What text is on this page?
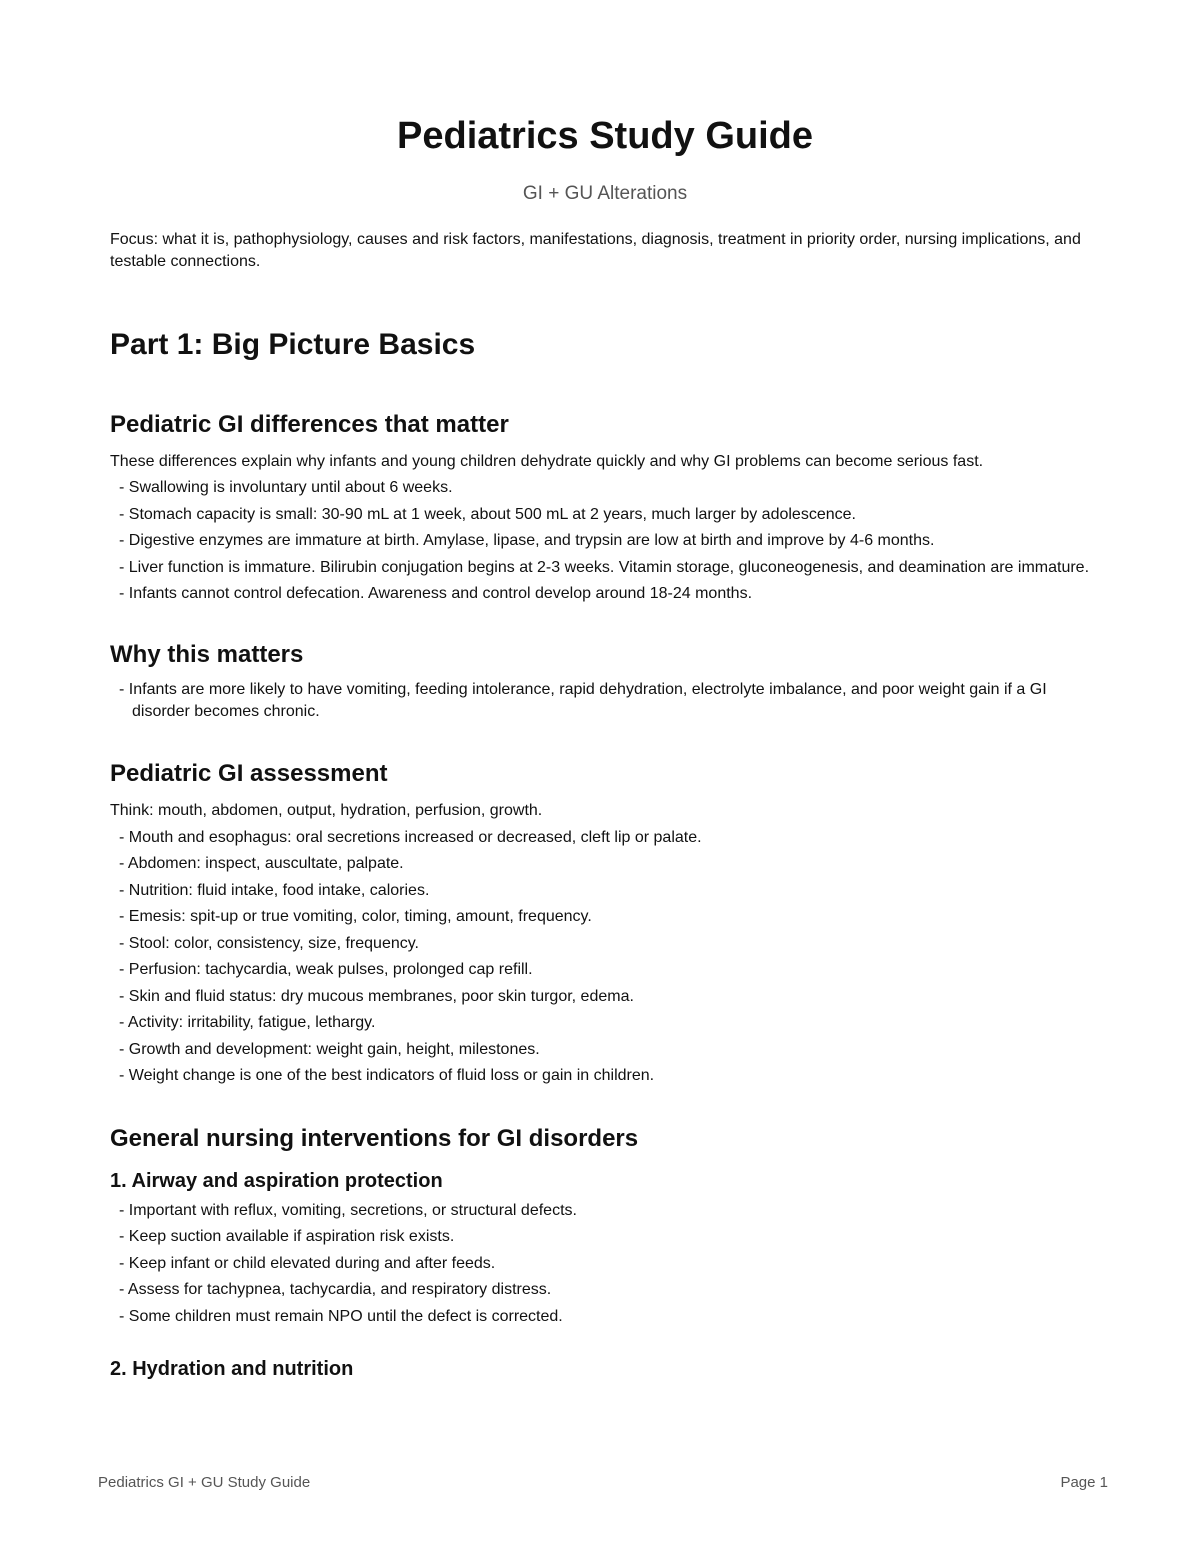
Pediatrics Study Guide
GI + GU Alterations

Focus: what it is, pathophysiology, causes and risk factors, manifestations, diagnosis, treatment in priority order, nursing implications, and testable connections.

Part 1: Big Picture Basics
Pediatric GI differences that matter

These differences explain why infants and young children dehydrate quickly and why GI problems can become serious fast.

- Swallowing is involuntary until about 6 weeks.
- Stomach capacity is small: 30-90 mL at 1 week, about 500 mL at 2 years, much larger by adolescence.
- Digestive enzymes are immature at birth. Amylase, lipase, and trypsin are low at birth and improve by 4-6 months.
- Liver function is immature. Bilirubin conjugation begins at 2-3 weeks. Vitamin storage, gluconeogenesis, and deamination are immature.
- Infants cannot control defecation. Awareness and control develop around 18-24 months.
Why this matters
- Infants are more likely to have vomiting, feeding intolerance, rapid dehydration, electrolyte imbalance, and poor weight gain if a GI disorder becomes chronic.
Pediatric GI assessment

Think: mouth, abdomen, output, hydration, perfusion, growth.

- Mouth and esophagus: oral secretions increased or decreased, cleft lip or palate.
- Abdomen: inspect, auscultate, palpate.
- Nutrition: fluid intake, food intake, calories.
- Emesis: spit-up or true vomiting, color, timing, amount, frequency.
- Stool: color, consistency, size, frequency.
- Perfusion: tachycardia, weak pulses, prolonged cap refill.
- Skin and fluid status: dry mucous membranes, poor skin turgor, edema.
- Activity: irritability, fatigue, lethargy.
- Growth and development: weight gain, height, milestones.
- Weight change is one of the best indicators of fluid loss or gain in children.
General nursing interventions for GI disorders
1. Airway and aspiration protection
- Important with reflux, vomiting, secretions, or structural defects.
- Keep suction available if aspiration risk exists.
- Keep infant or child elevated during and after feeds.
- Assess for tachypnea, tachycardia, and respiratory distress.
- Some children must remain NPO until the defect is corrected.
2. Hydration and nutrition
Pediatrics GI + GU Study Guide	Page 1
